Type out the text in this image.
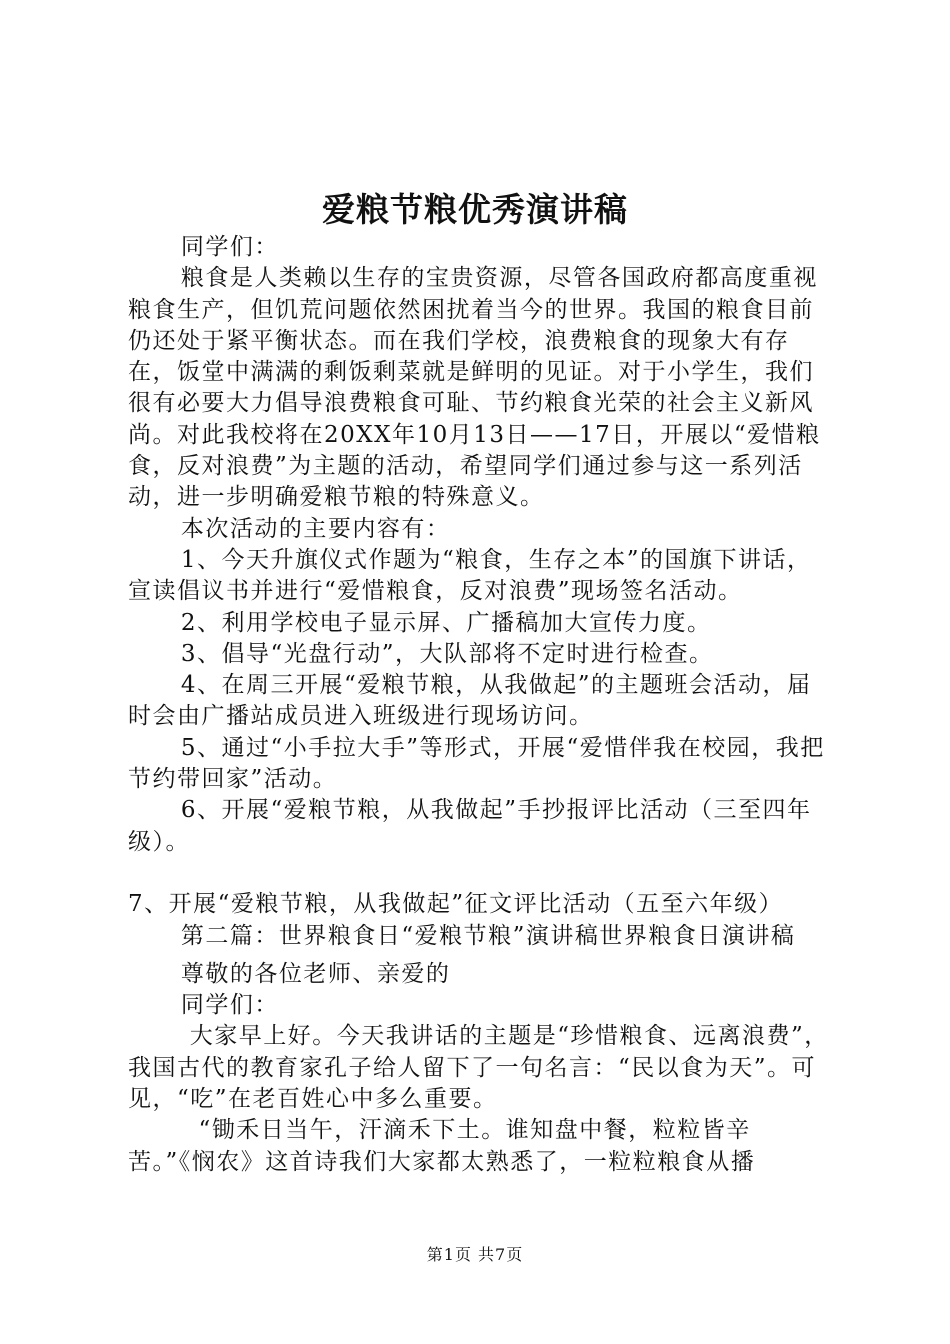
爱粮节粮优秀演讲稿

同学们：

粮食是人类赖以生存的宝贵资源，尽管各国政府都高度重视粮食生产，但饥荒问题依然困扰着当今的世界。我国的粮食目前仍还处于紧平衡状态。而在我们学校，浪费粮食的现象大有存在，饭堂中满满的剩饭剩菜就是鲜明的见证。对于小学生，我们很有必要大力倡导浪费粮食可耻、节约粮食光荣的社会主义新风尚。对此我校将在20XX年10月13日——17日，开展以“爱惜粮食，反对浪费”为主题的活动，希望同学们通过参与这一系列活动，进一步明确爱粮节粮的特殊意义。

本次活动的主要内容有：

1、今天升旗仪式作题为“粮食，生存之本”的国旗下讲话，宣读倡议书并进行“爱惜粮食，反对浪费”现场签名活动。

2、利用学校电子显示屏、广播稿加大宣传力度。

3、倡导“光盘行动”，大队部将不定时进行检查。

4、在周三开展“爱粮节粮，从我做起”的主题班会活动，届时会由广播站成员进入班级进行现场访问。

5、通过“小手拉大手”等形式，开展“爱惜伴我在校园，我把节约带回家”活动。

6、开展“爱粮节粮，从我做起”手抄报评比活动（三至四年级）。

7、开展“爱粮节粮，从我做起”征文评比活动（五至六年级）

第二篇：世界粮食日“爱粮节粮”演讲稿世界粮食日演讲稿

尊敬的各位老师、亲爱的

同学们：

大家早上好。今天我讲话的主题是“珍惜粮食、远离浪费”，我国古代的教育家孔子给人留下了一句名言：“民以食为天”。可见，“吃”在老百姓心中多么重要。

“锄禾日当午，汗滴禾下土。谁知盘中餐，粒粒皆辛苦。”《悯农》这首诗我们大家都太熟悉了，一粒粒粮食从播

第1页 共7页
